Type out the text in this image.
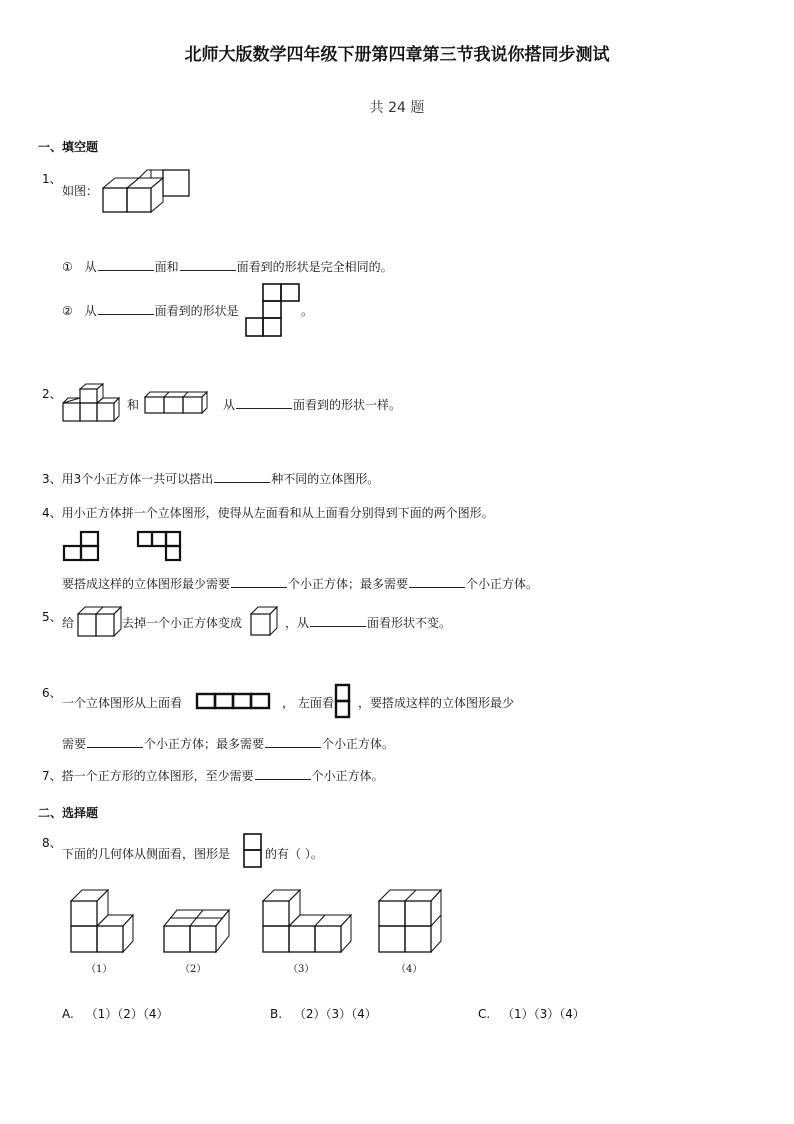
北师大版数学四年级下册第四章第三节我说你搭同步测试
共 24 题
一、填空题
1、
如图：
① 从	面和	面看到的形状是完全相同的。
② 从	面看到的形状是	。
2、
和	从	面看到的形状一样。
3、用3个小正方体一共可以搭出	种不同的立体图形。
4、用小正方体拼一个立体图形，使得从左面看和从上面看分别得到下面的两个图形。
要搭成这样的立体图形最少需要	个小正方体；最多需要	个小正方体。
5、 给	去掉一个小正方体变成	，从	面看形状不变。
6、
一个立体图形从上面看	， 左面看 ，要搭成这样的立体图形最少
需要	个小正方体；最多需要	个小正方体。
7、搭一个正方形的立体图形，至少需要	个小正方体。
二、选择题
8、
下面的几何体从侧面看，图形是	的有（ ）。
（1）	（2）	（3）	（4）
A. （1）（2）（4）	B. （2）（3）（4）	C. （1）（3）（4）
